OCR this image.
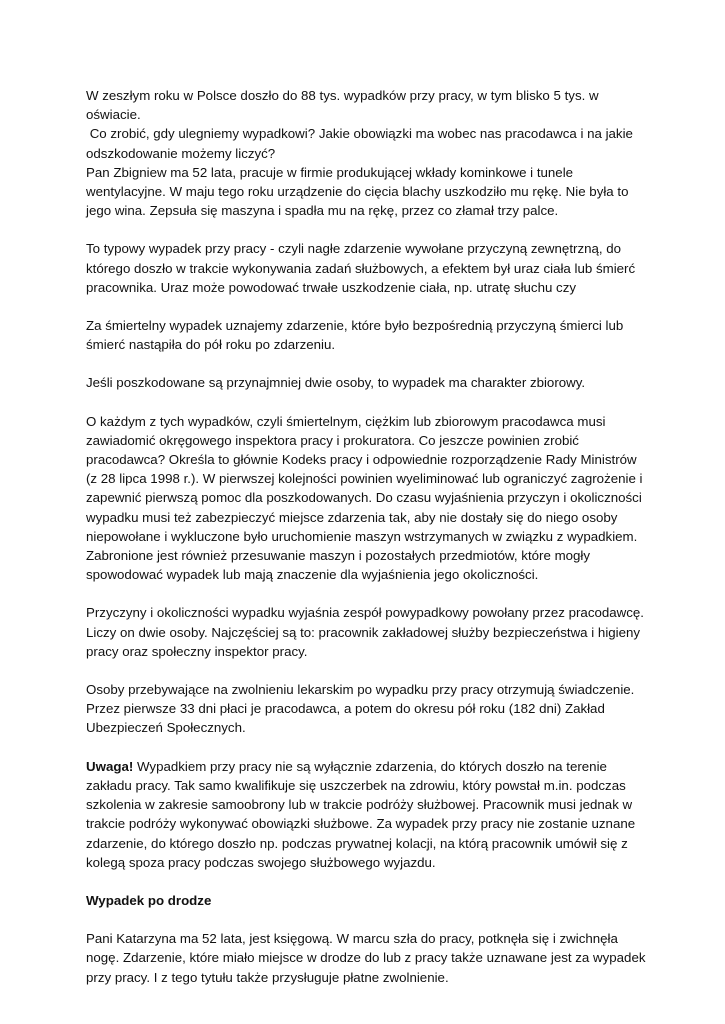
W zeszłym roku w Polsce doszło do 88 tys. wypadków przy pracy, w tym blisko 5 tys. w oświacie.

Co zrobić, gdy ulegniemy wypadkowi? Jakie obowiązki ma wobec nas pracodawca i na jakie odszkodowanie możemy liczyć?

Pan Zbigniew ma 52 lata, pracuje w firmie produkującej wkłady kominkowe i tunele wentylacyjne. W maju tego roku urządzenie do cięcia blachy uszkodziło mu rękę. Nie była to jego wina. Zepsuła się maszyna i spadła mu na rękę, przez co złamał trzy palce.

To typowy wypadek przy pracy - czyli nagłe zdarzenie wywołane przyczyną zewnętrzną, do którego doszło w trakcie wykonywania zadań służbowych, a efektem był uraz ciała lub śmierć pracownika. Uraz może powodować trwałe uszkodzenie ciała, np. utratę słuchu czy

Za śmiertelny wypadek uznajemy zdarzenie, które było bezpośrednią przyczyną śmierci lub śmierć nastąpiła do pół roku po zdarzeniu.

Jeśli poszkodowane są przynajmniej dwie osoby, to wypadek ma charakter zbiorowy.

O każdym z tych wypadków, czyli śmiertelnym, ciężkim lub zbiorowym pracodawca musi zawiadomić okręgowego inspektora pracy i prokuratora. Co jeszcze powinien zrobić pracodawca? Określa to głównie Kodeks pracy i odpowiednie rozporządzenie Rady Ministrów (z 28 lipca 1998 r.). W pierwszej kolejności powinien wyeliminować lub ograniczyć zagrożenie i zapewnić pierwszą pomoc dla poszkodowanych. Do czasu wyjaśnienia przyczyn i okoliczności wypadku musi też zabezpieczyć miejsce zdarzenia tak, aby nie dostały się do niego osoby niepowołane i wykluczone było uruchomienie maszyn wstrzymanych w związku z wypadkiem. Zabronione jest również przesuwanie maszyn i pozostałych przedmiotów, które mogły spowodować wypadek lub mają znaczenie dla wyjaśnienia jego okoliczności.

Przyczyny i okoliczności wypadku wyjaśnia zespół powypadkowy powołany przez pracodawcę. Liczy on dwie osoby. Najczęściej są to: pracownik zakładowej służby bezpieczeństwa i higieny pracy oraz społeczny inspektor pracy.

Osoby przebywające na zwolnieniu lekarskim po wypadku przy pracy otrzymują świadczenie. Przez pierwsze 33 dni płaci je pracodawca, a potem do okresu pół roku (182 dni) Zakład Ubezpieczeń Społecznych.

Uwaga! Wypadkiem przy pracy nie są wyłącznie zdarzenia, do których doszło na terenie zakładu pracy. Tak samo kwalifikuje się uszczerbek na zdrowiu, który powstał m.in. podczas szkolenia w zakresie samoobrony lub w trakcie podróży służbowej. Pracownik musi jednak w trakcie podróży wykonywać obowiązki służbowe. Za wypadek przy pracy nie zostanie uznane zdarzenie, do którego doszło np. podczas prywatnej kolacji, na którą pracownik umówił się z kolegą spoza pracy podczas swojego służbowego wyjazdu.

Wypadek po drodze

Pani Katarzyna ma 52 lata, jest księgową. W marcu szła do pracy, potknęła się i zwichnęła nogę. Zdarzenie, które miało miejsce w drodze do lub z pracy także uznawane jest za wypadek przy pracy. I z tego tytułu także przysługuje płatne zwolnienie.
